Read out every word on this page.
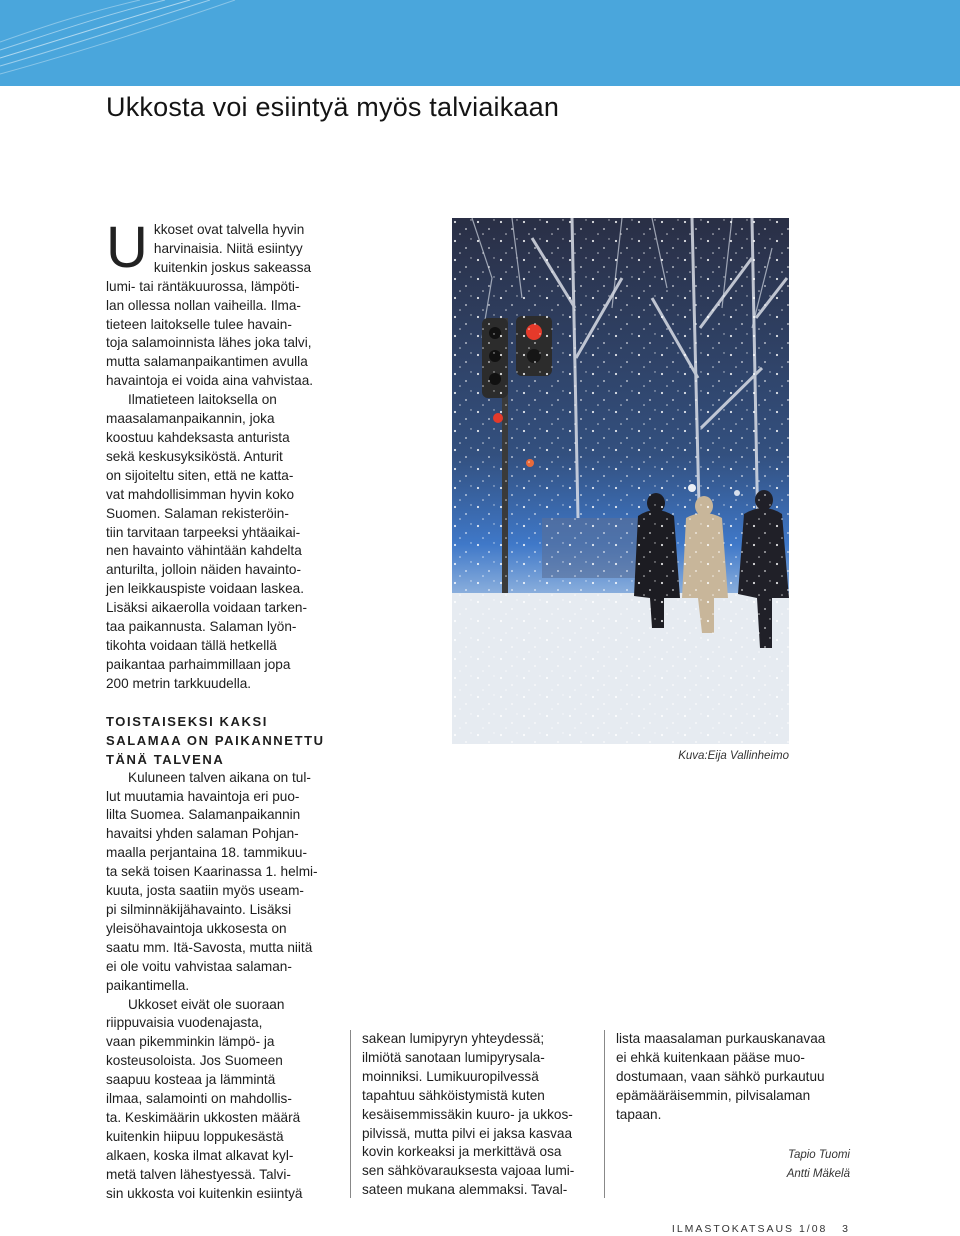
Ukkosta voi esiintyä myös talviaikaan
U kkoset ovat talvella hyvin
harvinaisia. Niitä esiintyy
kuitenkin joskus sakeassa
lumi- tai räntäkuurossa, lämpöti-
lan ollessa nollan vaiheilla. Ilma-
tieteen laitokselle tulee havain-
toja salamoinnista lähes joka talvi,
mutta salamanpaikantimen avulla
havaintoja ei voida aina vahvistaa.

Ilmatieteen laitoksella on
maasalamanpaikannin, joka
koostuu kahdeksasta anturista
sekä keskusyksiköstä. Anturit
on sijoiteltu siten, että ne katta-
vat mahdollisimman hyvin koko
Suomen. Salaman rekisteröin-
tiin tarvitaan tarpeeksi yhtäaikai-
nen havainto vähintään kahdelta
anturilta, jolloin näiden havainto-
jen leikkauspiste voidaan laskea.
Lisäksi aikaerolla voidaan tarken-
taa paikannusta. Salaman lyön-
tikohta voidaan tällä hetkellä
paikantaa parhaimmillaan jopa
200 metrin tarkkuudella.

TOISTAISEKSI KAKSI
SALAMAA ON PAIKANNETTU
TÄNÄ TALVENA

Kuluneen talven aikana on tul-
lut muutamia havaintoja eri puo-
lilta Suomea. Salamanpaikannin
havaitsi yhden salaman Pohjan-
maalla perjantaina 18. tammikuu-
ta sekä toisen Kaarinassa 1. helmi-
kuuta, josta saatiin myös useam-
pi silminnäkijähavainto. Lisäksi
yleisöhavaintoja ukkosesta on
saatu mm. Itä-Savosta, mutta niitä
ei ole voitu vahvistaa salaman-
paikantimella.

Ukkoset eivät ole suoraan
riippuvaisia vuodenajasta,
vaan pikemminkin lämpö- ja
kosteusoloista. Jos Suomeen
saapuu kosteaa ja lämmintä
ilmaa, salamointi on mahdollis-
ta. Keskimäärin ukkosten määrä
kuitenkin hiipuu loppukesästä
alkaen, koska ilmat alkavat kyl-
metä talven lähestyessä. Talvi-
sin ukkosta voi kuitenkin esiintyä

Kuva:Eija Vallinheimo

sakean lumipyryn yhteydessä;
ilmiötä sanotaan lumipyrysala-
moinniksi. Lumikuuropilvessä
tapahtuu sähköistymistä kuten
kesäisemmissäkin kuuro- ja ukkos-
pilvissä, mutta pilvi ei jaksa kasvaa
kovin korkeaksi ja merkittävä osa
sen sähkövarauksesta vajoaa lumi-
sateen mukana alemmaksi. Taval-

lista maasalaman purkauskanavaa
ei ehkä kuitenkaan pääse muo-
dostumaan, vaan sähkö purkautuu
epämääräisemmin, pilvisalaman
tapaan.

Tapio Tuomi
Antti Mäkelä
ILMASTOKATSAUS 1/08   3
